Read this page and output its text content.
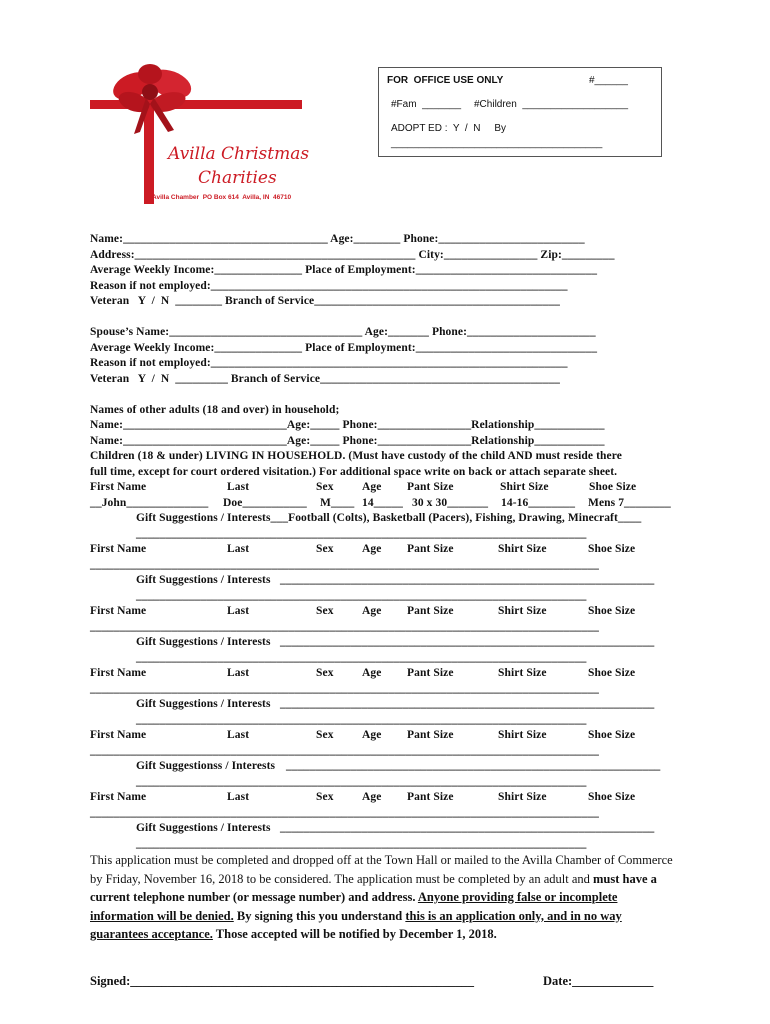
Avilla Christmas
Charities
Avilla Chamber  PO Box 614  Avilla, IN  46710
FOR  OFFICE USE ONLY	#______
#Fam  _______ #Children  ___________________
ADOPT ED :  Y  /  N     By
______________________________________
Name:___________________________________ Age:________ Phone:_________________________
Address:________________________________________________ City:________________ Zip:_________
Average Weekly Income:_______________ Place of Employment:_______________________________
Reason if not employed:_____________________________________________________________
Veteran   Y  /  N  ________ Branch of Service__________________________________________
Spouse’s Name:_________________________________ Age:_______ Phone:______________________
Average Weekly Income:_______________ Place of Employment:_______________________________
Reason if not employed:_____________________________________________________________
Veteran   Y  /  N  _________ Branch of Service_________________________________________
Names of other adults (18 and over) in household;
Name:____________________________Age:_____ Phone:________________Relationship____________
Name:____________________________Age:_____ Phone:________________Relationship____________
Children (18 & under) LIVING IN HOUSEHOLD. (Must have custody of the child AND must reside there
full time, except for court ordered visitation.) For additional space write on back or attach separate sheet.
First Name	Last	Sex Age Pant Size	Shirt Size	Shoe Size
__John______________ Doe___________ M____ 14_____ 30 x 30_______ 14-16________ Mens 7________
Gift Suggestions / Interests___Football (Colts), Basketball (Pacers), Fishing, Drawing, Minecraft____
_____________________________________________________________________________
First Name	Last	Sex Age Pant Size	Shirt Size	Shoe Size
_______________________________________________________________________________________
Gift Suggestions / Interests ________________________________________________________________
_____________________________________________________________________________
First Name	Last	Sex Age Pant Size	Shirt Size	Shoe Size
_______________________________________________________________________________________
Gift Suggestions / Interests ________________________________________________________________
_____________________________________________________________________________
First Name	Last	Sex Age Pant Size	Shirt Size	Shoe Size
_______________________________________________________________________________________
Gift Suggestions / Interests ________________________________________________________________
_____________________________________________________________________________
First Name	Last	Sex Age Pant Size	Shirt Size	Shoe Size
_______________________________________________________________________________________
Gift Suggestionss / Interests ________________________________________________________________
_____________________________________________________________________________
First Name	Last	Sex Age Pant Size	Shirt Size	Shoe Size
_______________________________________________________________________________________
Gift Suggestions / Interests ________________________________________________________________
_____________________________________________________________________________
This application must be completed and dropped off at the Town Hall or mailed to the Avilla Chamber of Commerce by Friday, November 16, 2018 to be considered. The application must be completed by an adult and must have a current telephone number (or message number) and address. Anyone providing false or incomplete information will be denied. By signing this you understand this is an application only, and in no way guarantees acceptance. Those accepted will be notified by December 1, 2018.
Signed:_______________________________________________________	Date:_____________
